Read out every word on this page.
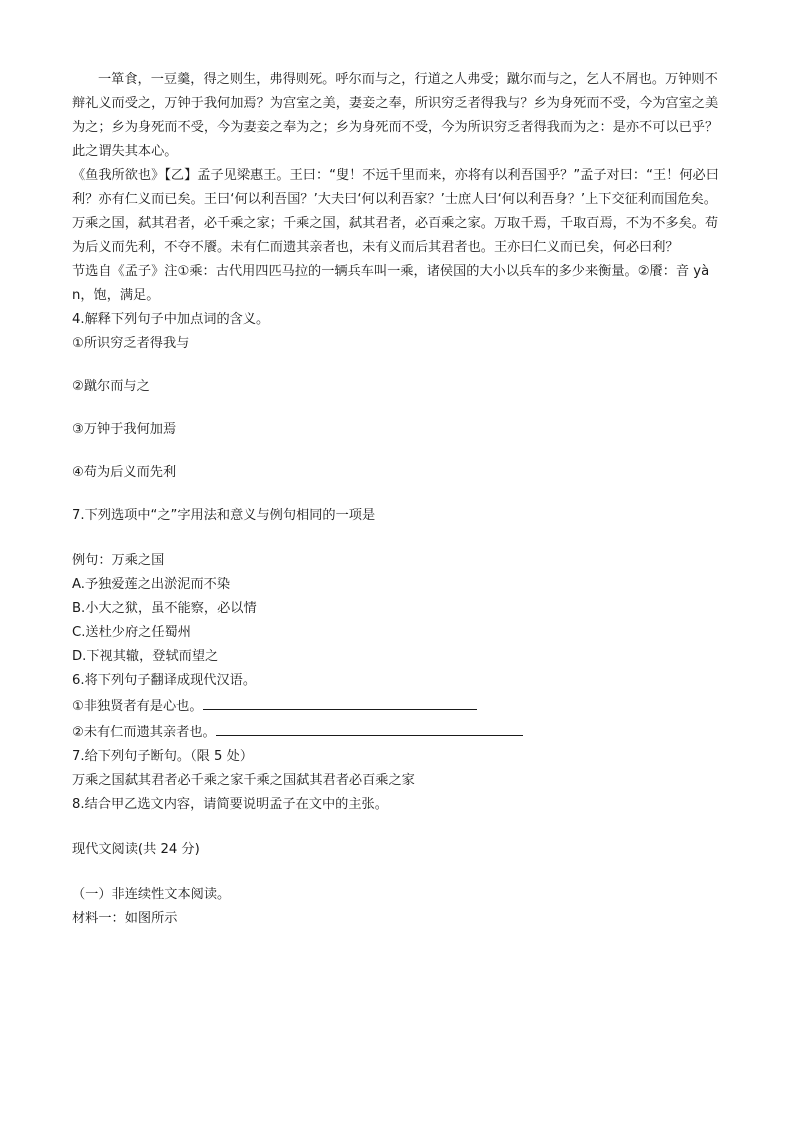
一箪食，一豆羹，得之则生，弗得则死。呼尔而与之，行道之人弗受；蹴尔而与之，乞人不屑也。万钟则不辩礼义而受之，万钟于我何加焉？为宫室之美，妻妾之奉，所识穷乏者得我与？乡为身死而不受，今为宫室之美为之；乡为身死而不受，今为妻妾之奉为之；乡为身死而不受，今为所识穷乏者得我而为之：是亦不可以已乎？此之谓失其本心。

《鱼我所欲也》【乙】孟子见梁惠王。王曰：“叟！不远千里而来，亦将有以利吾国乎？”孟子对曰：“王！何必曰利？亦有仁义而已矣。王曰‘何以利吾国？’大夫曰‘何以利吾家？’士庶人曰‘何以利吾身？’上下交征利而国危矣。万乘之国，弑其君者，必千乘之家；千乘之国，弑其君者，必百乘之家。万取千焉，千取百焉，不为不多矣。苟为后义而先利，不夺不餍。未有仁而遗其亲者也，未有义而后其君者也。王亦曰仁义而已矣，何必曰利？

节选自《孟子》注①乘：古代用四匹马拉的一辆兵车叫一乘，诸侯国的大小以兵车的多少来衡量。②餍：音 yàn，饱，满足。

4.解释下列句子中加点词的含义。

①所识穷乏者得我与

②蹴尔而与之

③万钟于我何加焉

④苟为后义而先利

7.下列选项中“之”字用法和意义与例句相同的一项是

例句：万乘之国

A.予独爱莲之出淤泥而不染

B.小大之狱，虽不能察，必以情

C.送杜少府之任蜀州

D.下视其辙，登轼而望之

6.将下列句子翻译成现代汉语。

①非独贤者有是心也。

②未有仁而遗其亲者也。

7.给下列句子断句。（限 5 处）

万乘之国弑其君者必千乘之家千乘之国弑其君者必百乘之家

8.结合甲乙选文内容，请简要说明孟子在文中的主张。

现代文阅读(共 24 分)

（一）非连续性文本阅读。

材料一：如图所示
